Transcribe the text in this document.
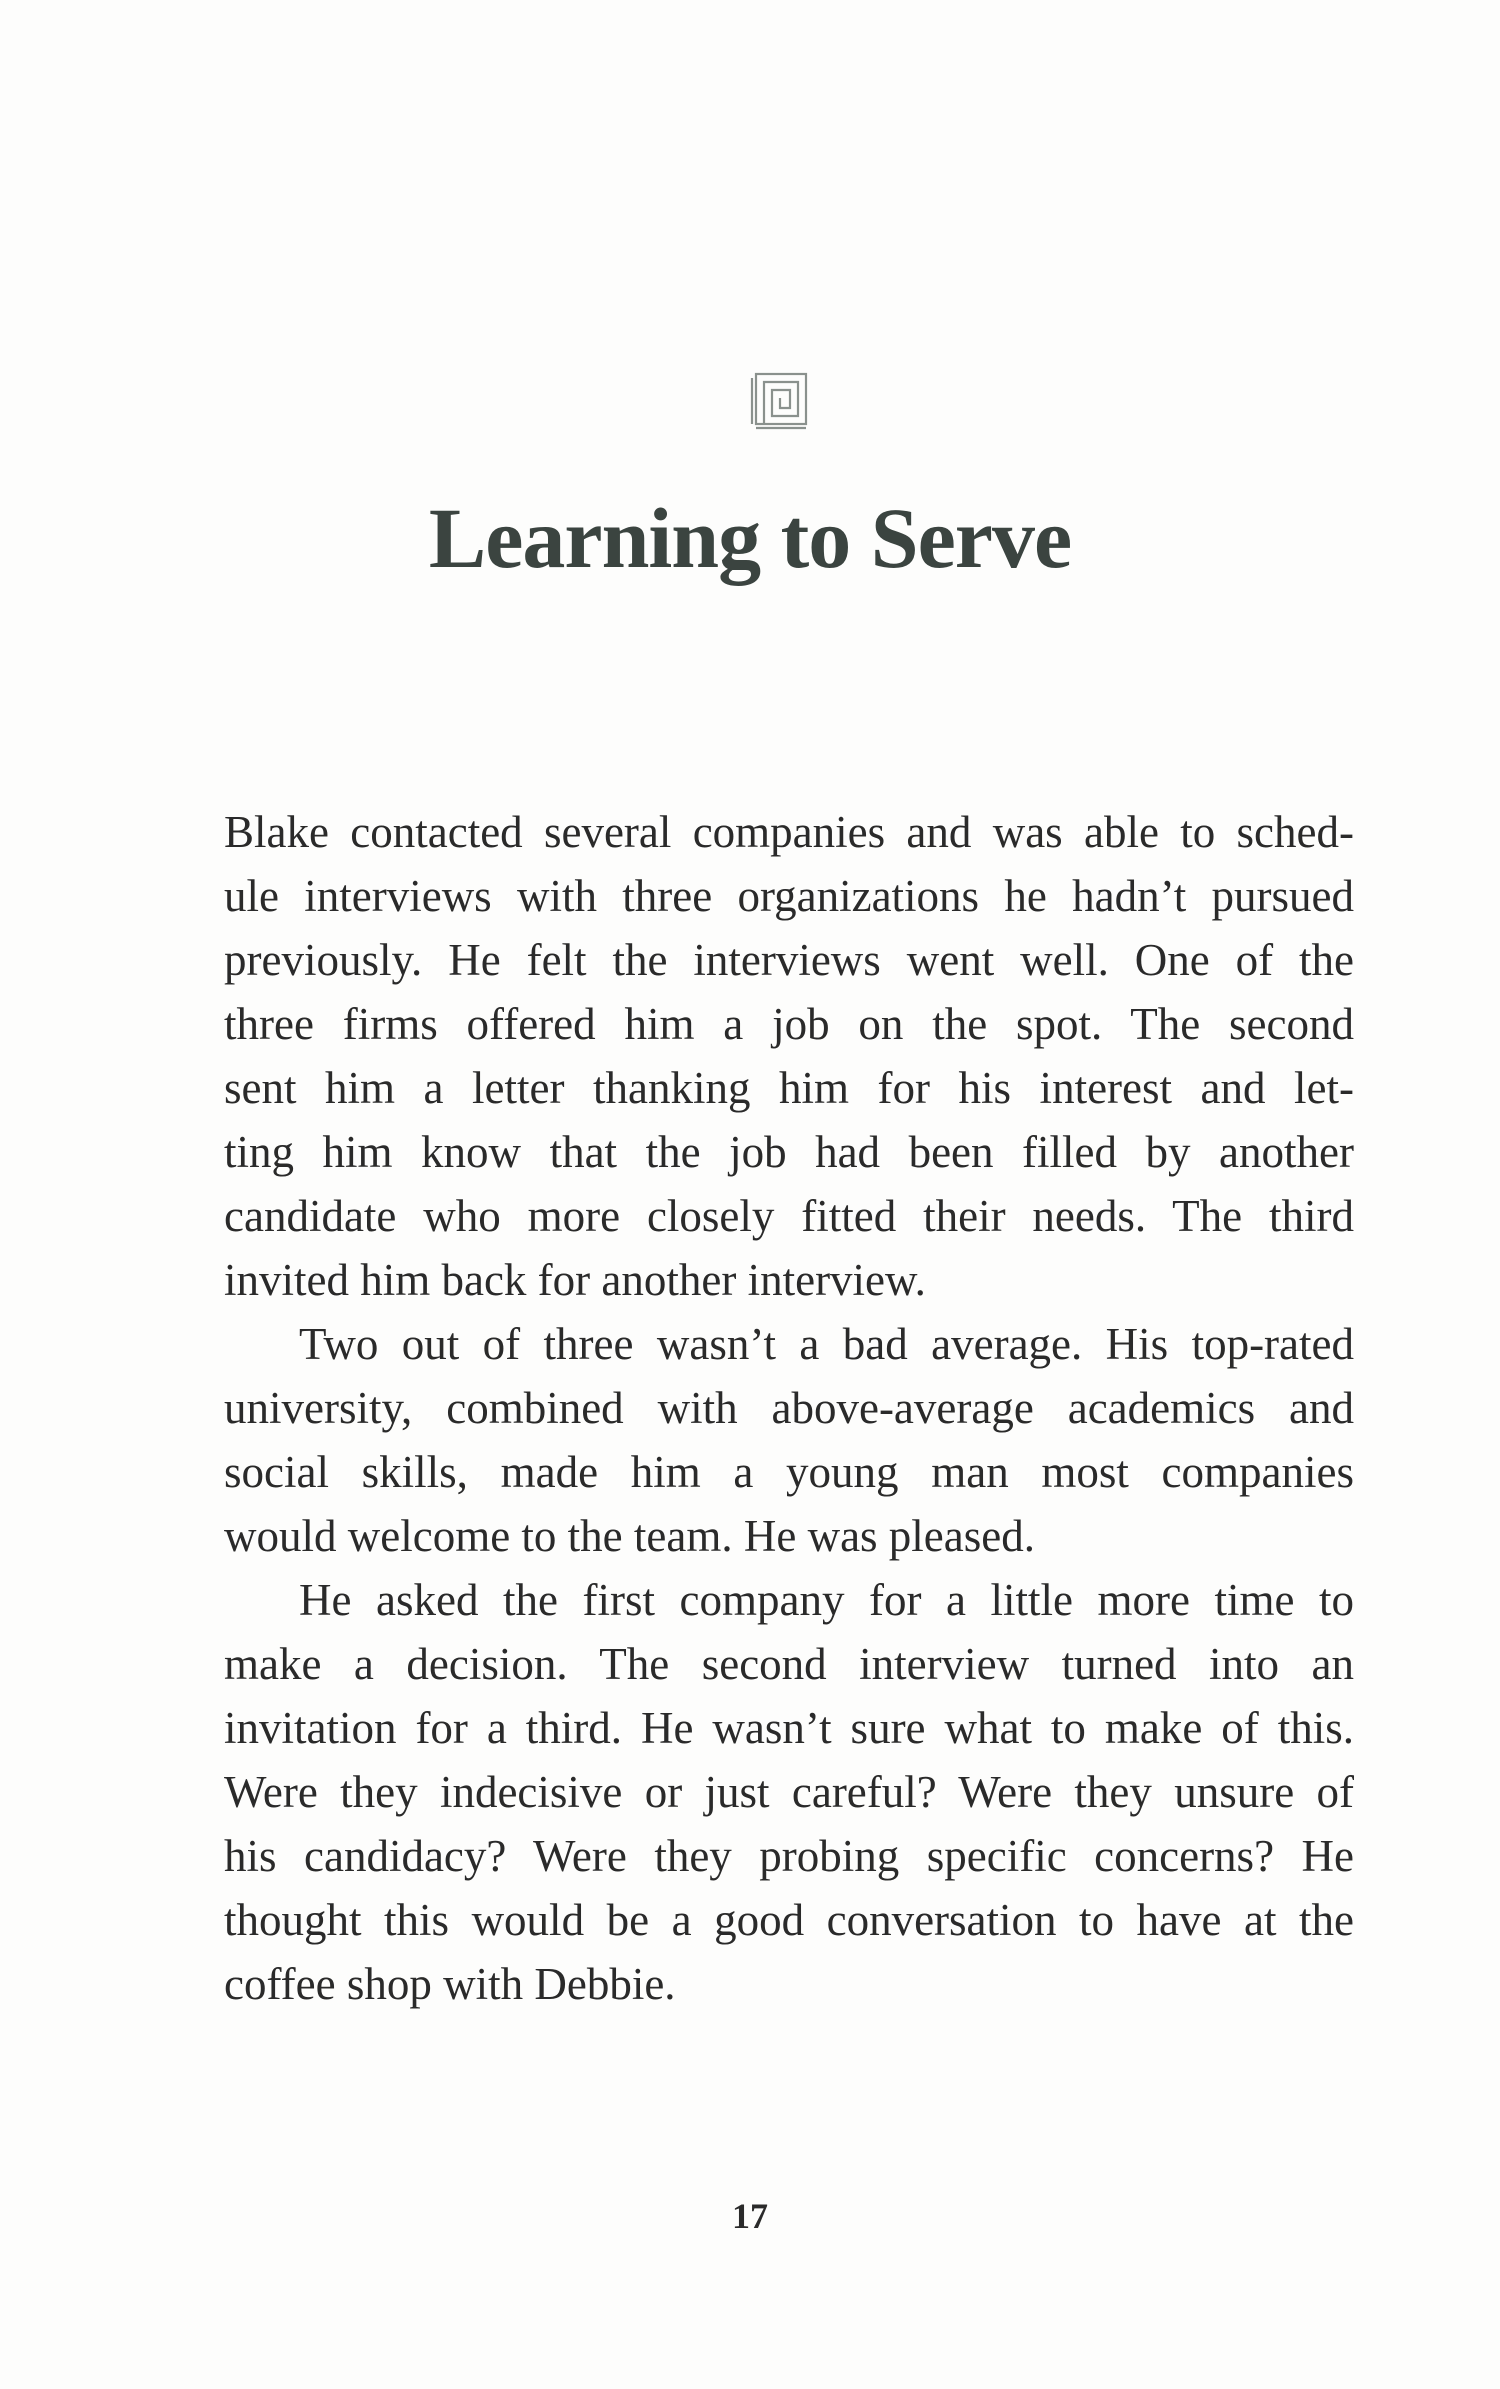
Learning to Serve

Blake contacted several companies and was able to sched-
ule interviews with three organizations he hadn’t pursued
previously. He felt the interviews went well. One of the
three firms offered him a job on the spot. The second
sent him a letter thanking him for his interest and let-
ting him know that the job had been filled by another
candidate who more closely fitted their needs. The third
invited him back for another interview.

Two out of three wasn’t a bad average. His top-rated
university, combined with above-average academics and
social skills, made him a young man most companies
would welcome to the team. He was pleased.

He asked the first company for a little more time to
make a decision. The second interview turned into an
invitation for a third. He wasn’t sure what to make of this.
Were they indecisive or just careful? Were they unsure of
his candidacy? Were they probing specific concerns? He
thought this would be a good conversation to have at the
coffee shop with Debbie.

17
